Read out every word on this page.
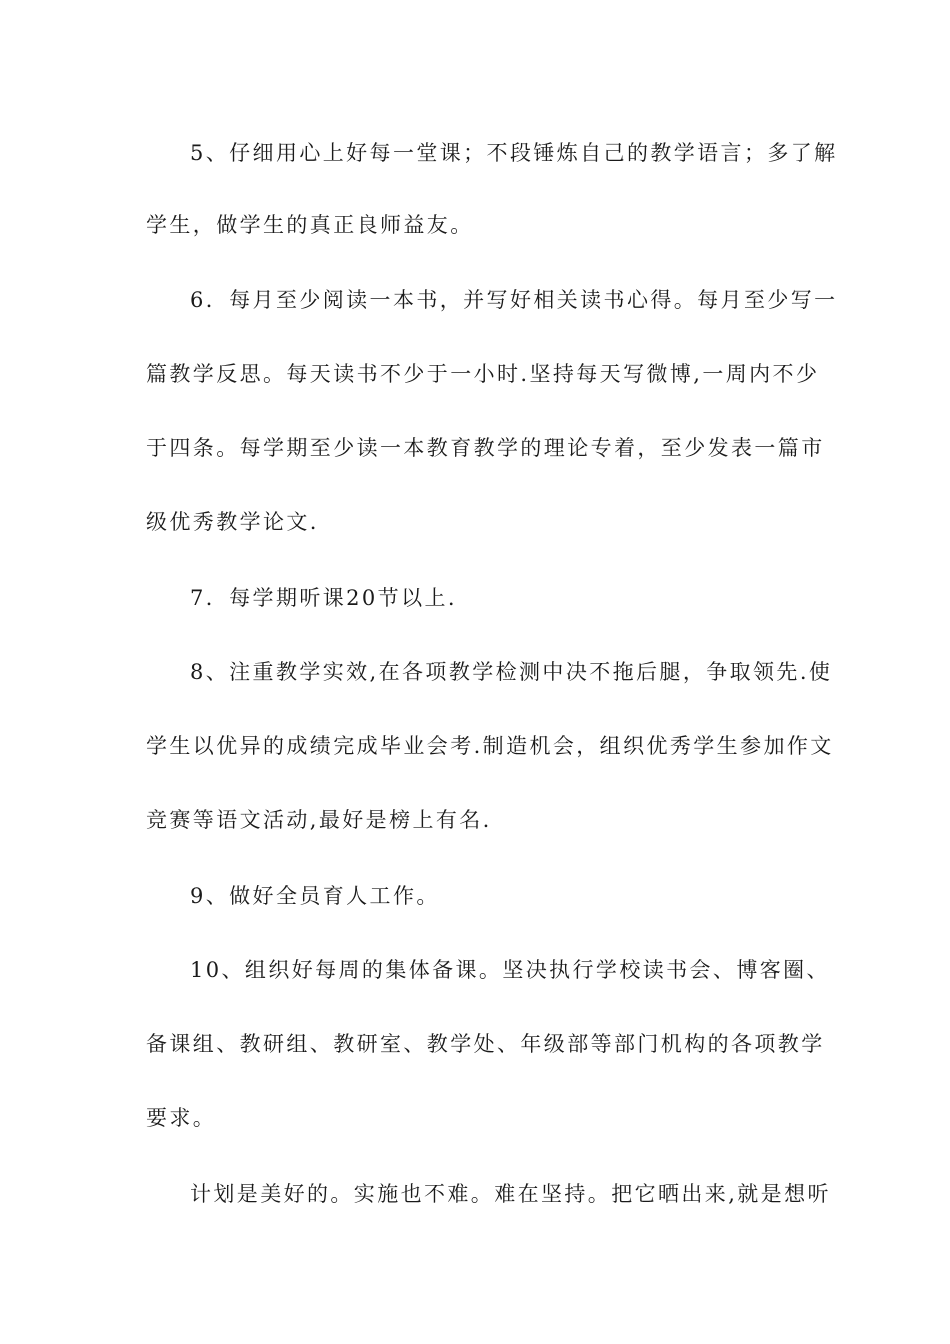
5、仔细用心上好每一堂课；不段锤炼自己的教学语言；多了解
学生，做学生的真正良师益友。
6．每月至少阅读一本书，并写好相关读书心得。每月至少写一
篇教学反思。每天读书不少于一小时.坚持每天写微博,一周内不少
于四条。每学期至少读一本教育教学的理论专着，至少发表一篇市
级优秀教学论文.
7．每学期听课20节以上.
8、注重教学实效,在各项教学检测中决不拖后腿，争取领先.使
学生以优异的成绩完成毕业会考.制造机会，组织优秀学生参加作文
竞赛等语文活动,最好是榜上有名.
9、做好全员育人工作。
10、组织好每周的集体备课。坚决执行学校读书会、博客圈、
备课组、教研组、教研室、教学处、年级部等部门机构的各项教学
要求。
计划是美好的。实施也不难。难在坚持。把它晒出来,就是想听
